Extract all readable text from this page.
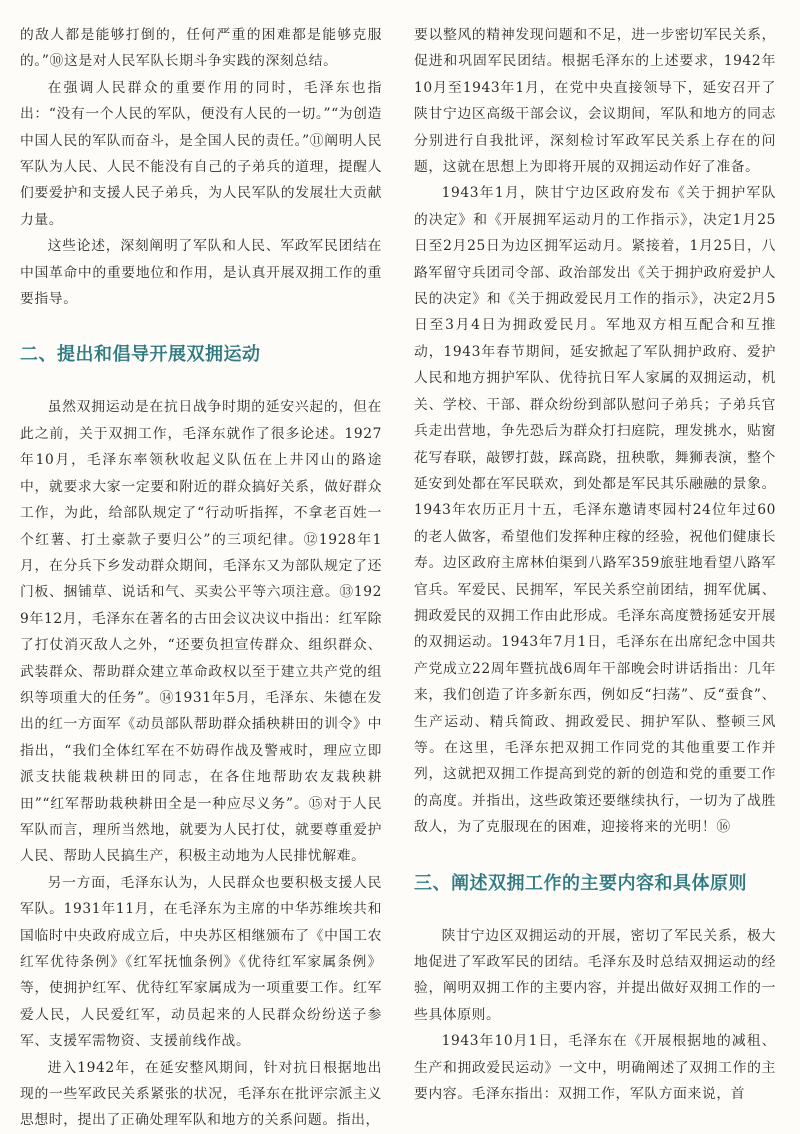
的敌人都是能够打倒的，任何严重的困难都是能够克服的。”⑩这是对人民军队长期斗争实践的深刻总结。

在强调人民群众的重要作用的同时，毛泽东也指出：“没有一个人民的军队，便没有人民的一切。”“为创造中国人民的军队而奋斗，是全国人民的责任。”⑪阐明人民军队为人民、人民不能没有自己的子弟兵的道理，提醒人们要爱护和支援人民子弟兵，为人民军队的发展壮大贡献力量。

这些论述，深刻阐明了军队和人民、军政军民团结在中国革命中的重要地位和作用，是认真开展双拥工作的重要指导。

二、提出和倡导开展双拥运动

虽然双拥运动是在抗日战争时期的延安兴起的，但在此之前，关于双拥工作，毛泽东就作了很多论述。1927年10月，毛泽东率领秋收起义队伍在上井冈山的路途中，就要求大家一定要和附近的群众搞好关系，做好群众工作，为此，给部队规定了“行动听指挥，不拿老百姓一个红薯、打土豪款子要归公”的三项纪律。⑫1928年1月，在分兵下乡发动群众期间，毛泽东又为部队规定了还门板、捆铺草、说话和气、买卖公平等六项注意。⑬1929年12月，毛泽东在著名的古田会议决议中指出：红军除了打仗消灭敌人之外，“还要负担宣传群众、组织群众、武装群众、帮助群众建立革命政权以至于建立共产党的组织等项重大的任务”。⑭1931年5月，毛泽东、朱德在发出的红一方面军《动员部队帮助群众插秧耕田的训令》中指出，“我们全体红军在不妨碍作战及警戒时，理应立即派支扶能栽秧耕田的同志，在各住地帮助农友栽秧耕田”“红军帮助栽秧耕田全是一种应尽义务”。⑮对于人民军队而言，理所当然地，就要为人民打仗，就要尊重爱护人民、帮助人民搞生产，积极主动地为人民排忧解难。

另一方面，毛泽东认为，人民群众也要积极支援人民军队。1931年11月，在毛泽东为主席的中华苏维埃共和国临时中央政府成立后，中央苏区相继颁布了《中国工农红军优待条例》《红军抚恤条例》《优待红军家属条例》等，使拥护红军、优待红军家属成为一项重要工作。红军爱人民，人民爱红军，动员起来的人民群众纷纷送子参军、支援军需物资、支援前线作战。

进入1942年，在延安整风期间，针对抗日根据地出现的一些军政民关系紧张的状况，毛泽东在批评宗派主义思想时，提出了正确处理军队和地方的关系问题。指出，

要以整风的精神发现问题和不足，进一步密切军民关系，促进和巩固军民团结。根据毛泽东的上述要求，1942年10月至1943年1月，在党中央直接领导下，延安召开了陕甘宁边区高级干部会议，会议期间，军队和地方的同志分别进行自我批评，深刻检讨军政军民关系上存在的问题，这就在思想上为即将开展的双拥运动作好了准备。

1943年1月，陕甘宁边区政府发布《关于拥护军队的决定》和《开展拥军运动月的工作指示》，决定1月25日至2月25日为边区拥军运动月。紧接着，1月25日，八路军留守兵团司令部、政治部发出《关于拥护政府爱护人民的决定》和《关于拥政爱民月工作的指示》，决定2月5日至3月4日为拥政爱民月。军地双方相互配合和互推动，1943年春节期间，延安掀起了军队拥护政府、爱护人民和地方拥护军队、优待抗日军人家属的双拥运动，机关、学校、干部、群众纷纷到部队慰问子弟兵；子弟兵官兵走出营地，争先恐后为群众打扫庭院，理发挑水，贴窗花写春联，敲锣打鼓，踩高跷，扭秧歌，舞狮表演，整个延安到处都在军民联欢，到处都是军民其乐融融的景象。1943年农历正月十五，毛泽东邀请枣园村24位年过60的老人做客，希望他们发挥种庄稼的经验，祝他们健康长寿。边区政府主席林伯渠到八路军359旅驻地看望八路军官兵。军爱民、民拥军，军民关系空前团结，拥军优属、拥政爱民的双拥工作由此形成。毛泽东高度赞扬延安开展的双拥运动。1943年7月1日，毛泽东在出席纪念中国共产党成立22周年暨抗战6周年干部晚会时讲话指出：几年来，我们创造了许多新东西，例如反“扫荡”、反“蚕食”、生产运动、精兵简政、拥政爱民、拥护军队、整顿三风等。在这里，毛泽东把双拥工作同党的其他重要工作并列，这就把双拥工作提高到党的新的创造和党的重要工作的高度。并指出，这些政策还要继续执行，一切为了战胜敌人，为了克服现在的困难，迎接将来的光明！⑯

三、阐述双拥工作的主要内容和具体原则

陕甘宁边区双拥运动的开展，密切了军民关系，极大地促进了军政军民的团结。毛泽东及时总结双拥运动的经验，阐明双拥工作的主要内容，并提出做好双拥工作的一些具体原则。

1943年10月1日，毛泽东在《开展根据地的减租、生产和拥政爱民运动》一文中，明确阐述了双拥工作的主要内容。毛泽东指出：双拥工作，军队方面来说，首
